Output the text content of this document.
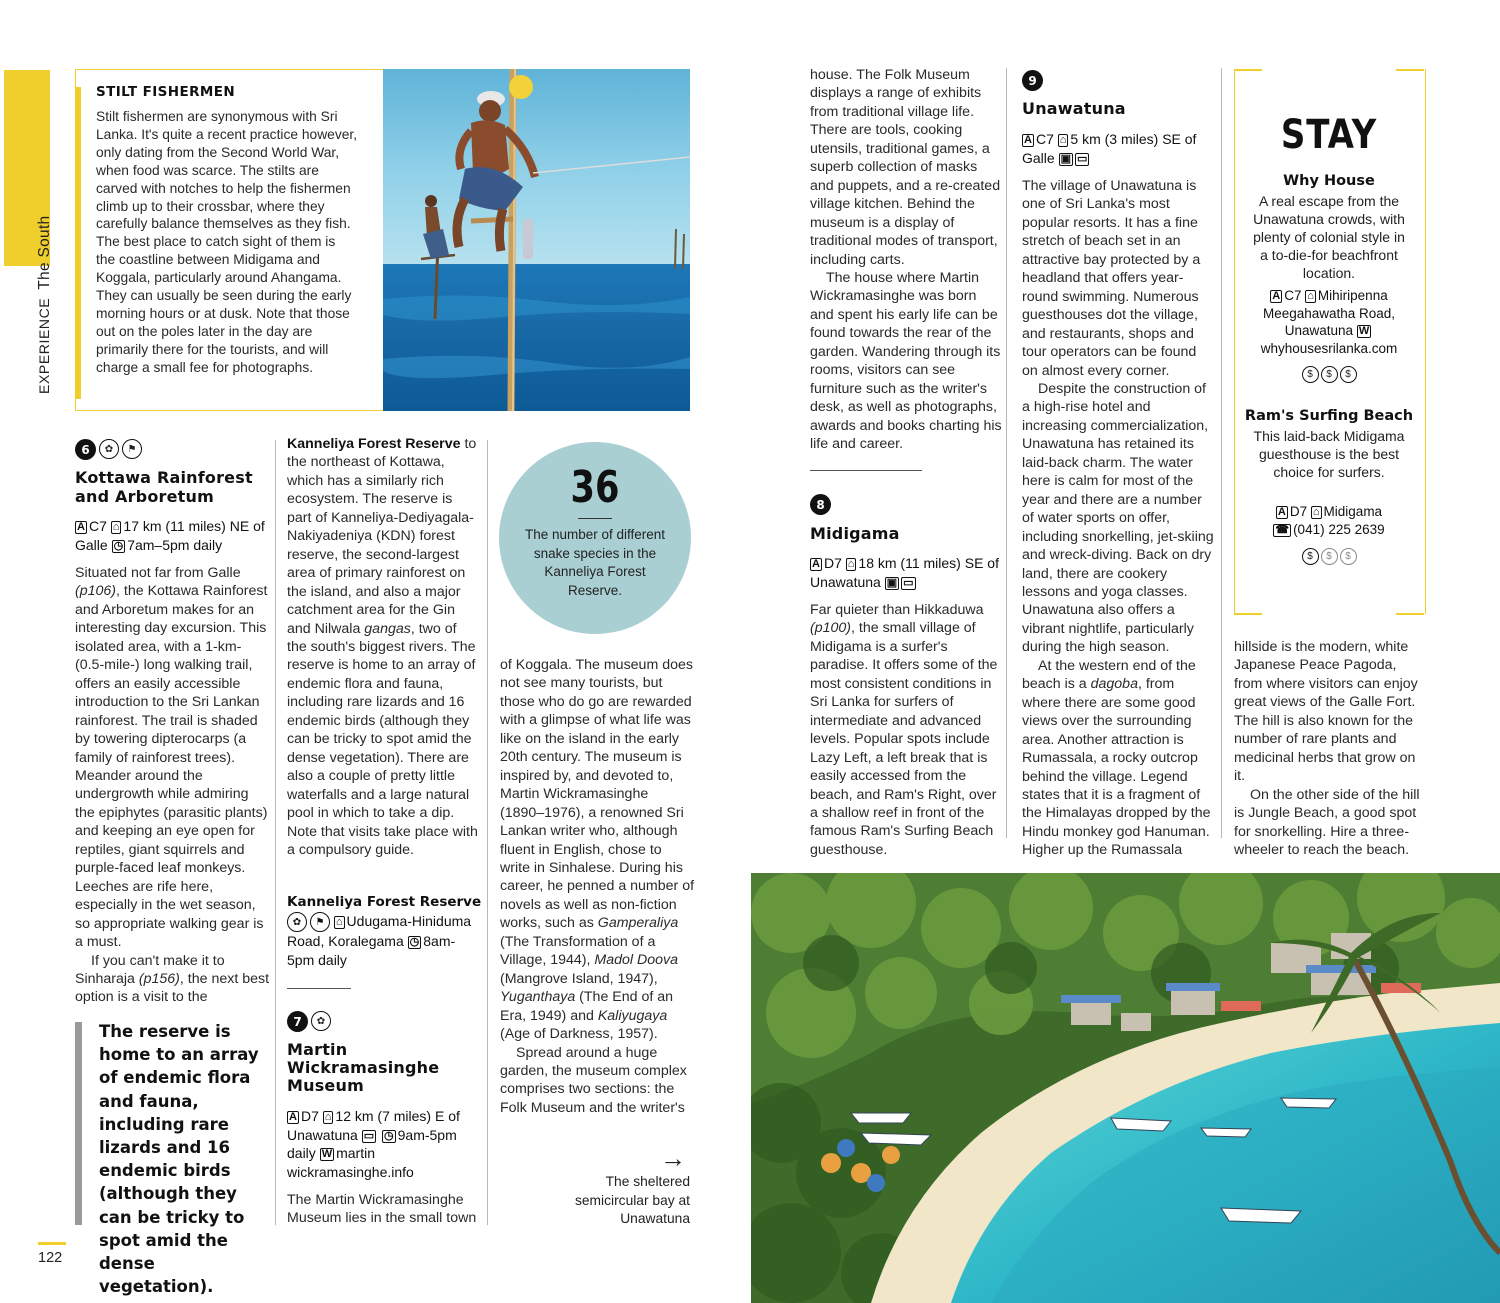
EXPERIENCEThe South
STILT FISHERMEN
Stilt fishermen are synonymous with Sri Lanka. It's quite a recent practice however, only dating from the Second World War, when food was scarce. The stilts are carved with notches to help the fishermen climb up to their crossbar, where they carefully balance themselves as they fish. The best place to catch sight of them is the coastline between Midigama and Koggala, particularly around Ahangama. They can usually be seen during the early morning hours or at dusk. Note that those out on the poles later in the day are primarily there for the tourists, and will charge a small fee for photographs.
6 ✿ ⚑
Kottawa Rainforest
and Arboretum
A C7 ⌂ 17 km (11 miles) NE of Galle ◷ 7am–5pm daily

Situated not far from Galle (p106), the Kottawa Rainforest and Arboretum makes for an interesting day excursion. This isolated area, with a 1-km- (0.5-mile-) long walking trail, offers an easily accessible introduction to the Sri Lankan rainforest. The trail is shaded by towering dipterocarps (a family of rainforest trees). Meander around the undergrowth while admiring the epiphytes (parasitic plants) and keeping an eye open for reptiles, giant squirrels and purple-faced leaf monkeys. Leeches are rife here, especially in the wet season, so appropriate walking gear is a must.

If you can't make it to Sinharaja (p156), the next best option is a visit to the

Kanneliya Forest Reserve to the northeast of Kottawa, which has a similarly rich ecosystem. The reserve is part of Kanneliya-Dediyagala-Nakiyadeniya (KDN) forest reserve, the second-largest area of primary rainforest on the island, and also a major catchment area for the Gin and Nilwala gangas, two of the south's biggest rivers. The reserve is home to an array of endemic flora and fauna, including rare lizards and 16 endemic birds (although they can be tricky to spot amid the dense vegetation). There are also a couple of pretty little waterfalls and a large natural pool in which to take a dip. Note that visits take place with a compulsory guide.

Kanneliya Forest Reserve
✿ ⚑ ⌂ Udugama-Hiniduma Road, Koralegama ◷ 8am-5pm daily
7 ✿
Martin
Wickramasinghe
Museum
A D7 ⌂ 12 km (7 miles) E of Unawatuna ▭ ◷ 9am-5pm daily W martin wickramasinghe.info
The Martin Wickramasinghe Museum lies in the small town
36
The number of different snake species in the Kanneliya Forest Reserve.
The reserve is home to an array of endemic flora and fauna, including rare lizards and 16 endemic birds (although they can be tricky to spot amid the dense vegetation).

of Koggala. The museum does not see many tourists, but those who do go are rewarded with a glimpse of what life was like on the island in the early 20th century. The museum is inspired by, and devoted to, Martin Wickramasinghe (1890–1976), a renowned Sri Lankan writer who, although fluent in English, chose to write in Sinhalese. During his career, he penned a number of novels as well as non-fiction works, such as Gamperaliya (The Transformation of a Village, 1944), Madol Doova (Mangrove Island, 1947), Yuganthaya (The End of an Era, 1949) and Kaliyugaya (Age of Darkness, 1957).

Spread around a huge garden, the museum complex comprises two sections: the Folk Museum and the writer's

→
The sheltered semicircular bay at Unawatuna

house. The Folk Museum displays a range of exhibits from traditional village life. There are tools, cooking utensils, traditional games, a superb collection of masks and puppets, and a re-created village kitchen. Behind the museum is a display of traditional modes of transport, including carts.

The house where Martin Wickramasinghe was born and spent his early life can be found towards the rear of the garden. Wandering through its rooms, visitors can see furniture such as the writer's desk, as well as photographs, awards and books charting his life and career.

8
Midigama
A D7 ⌂ 18 km (11 miles) SE of Unawatuna ▣ ▭

Far quieter than Hikkaduwa (p100), the small village of Midigama is a surfer's paradise. It offers some of the most consistent conditions in Sri Lanka for surfers of intermediate and advanced levels. Popular spots include Lazy Left, a left break that is easily accessed from the beach, and Ram's Right, over a shallow reef in front of the famous Ram's Surfing Beach guesthouse.

9
Unawatuna
A C7 ⌂ 5 km (3 miles) SE of Galle ▣ ▭

The village of Unawatuna is one of Sri Lanka's most popular resorts. It has a fine stretch of beach set in an attractive bay protected by a headland that offers year-round swimming. Numerous guesthouses dot the village, and restaurants, shops and tour operators can be found on almost every corner.

Despite the construction of a high-rise hotel and increasing commercialization, Unawatuna has retained its laid-back charm. The water here is calm for most of the year and there are a number of water sports on offer, including snorkelling, jet-skiing and wreck-diving. Back on dry land, there are cookery lessons and yoga classes. Unawatuna also offers a vibrant nightlife, particularly during the high season.

At the western end of the beach is a dagoba, from where there are some good views over the surrounding area. Another attraction is Rumassala, a rocky outcrop behind the village. Legend states that it is a fragment of the Himalayas dropped by the Hindu monkey god Hanuman. Higher up the Rumassala

hillside is the modern, white Japanese Peace Pagoda, from where visitors can enjoy great views of the Galle Fort. The hill is also known for the number of rare plants and medicinal herbs that grow on it.

On the other side of the hill is Jungle Beach, a good spot for snorkelling. Hire a three-wheeler to reach the beach.

STAY
Why House
A real escape from the Unawatuna crowds, with plenty of colonial style in a to-die-for beachfront location.
A C7 ⌂ Mihiripenna Meegahawatha Road, Unawatuna Wwhyhousesrilanka.com
$ $ $
Ram's Surfing Beach
This laid-back Midigama guesthouse is the best choice for surfers.
A D7 ⌂ Midigama
☎ (041) 225 2639
$ $ $
122
